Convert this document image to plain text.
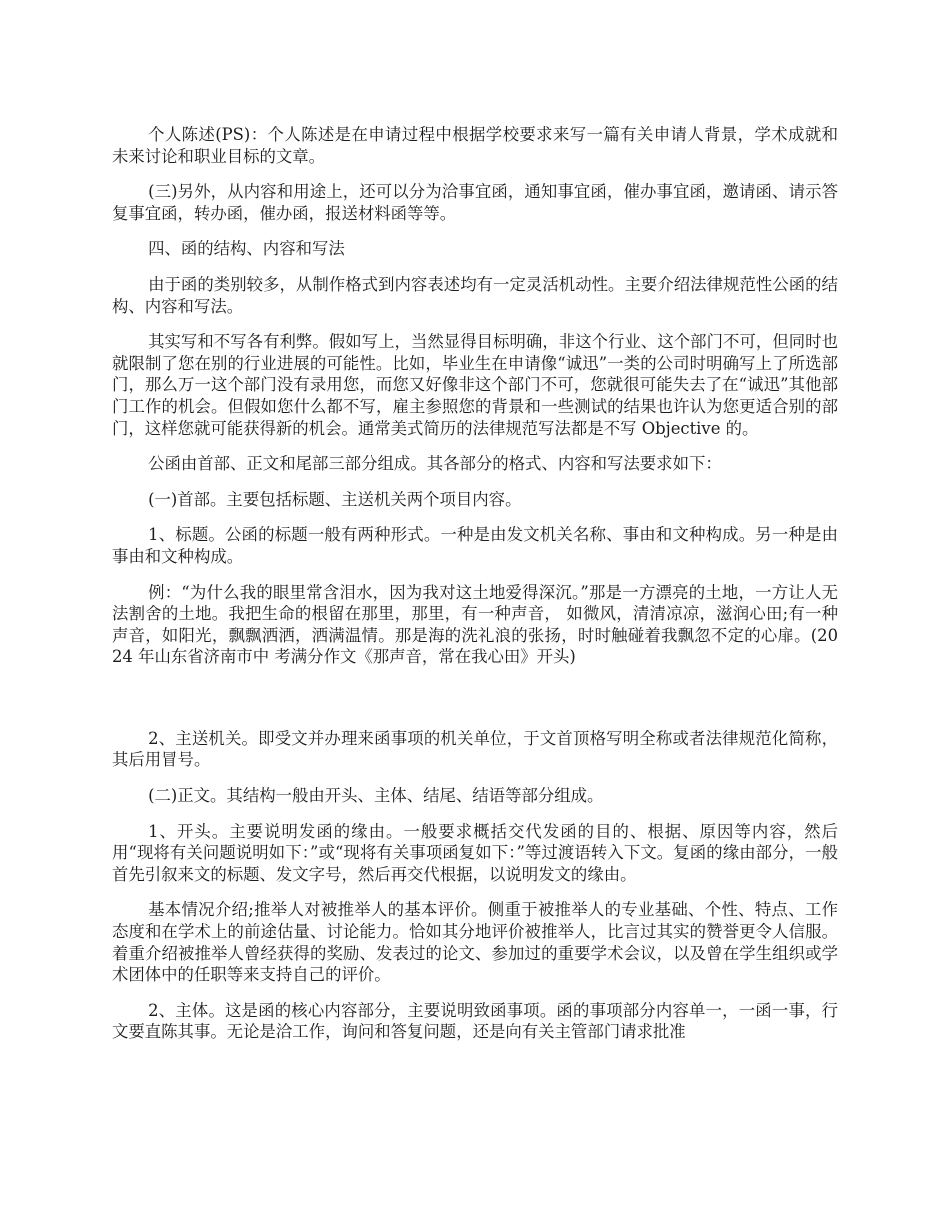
个人陈述(PS)：个人陈述是在申请过程中根据学校要求来写一篇有关申请人背景，学术成就和未来讨论和职业目标的文章。

(三)另外，从内容和用途上，还可以分为洽事宜函，通知事宜函，催办事宜函，邀请函、请示答复事宜函，转办函，催办函，报送材料函等等。

四、函的结构、内容和写法

由于函的类别较多，从制作格式到内容表述均有一定灵活机动性。主要介绍法律规范性公函的结构、内容和写法。

其实写和不写各有利弊。假如写上，当然显得目标明确，非这个行业、这个部门不可，但同时也就限制了您在别的行业进展的可能性。比如，毕业生在申请像“诚迅”一类的公司时明确写上了所选部门，那么万一这个部门没有录用您，而您又好像非这个部门不可，您就很可能失去了在“诚迅”其他部门工作的机会。但假如您什么都不写，雇主参照您的背景和一些测试的结果也许认为您更适合别的部门，这样您就可能获得新的机会。通常美式简历的法律规范写法都是不写 Objective 的。

公函由首部、正文和尾部三部分组成。其各部分的格式、内容和写法要求如下：

(一)首部。主要包括标题、主送机关两个项目内容。

1、标题。公函的标题一般有两种形式。一种是由发文机关名称、事由和文种构成。另一种是由事由和文种构成。

例：“为什么我的眼里常含泪水，因为我对这土地爱得深沉。”那是一方漂亮的土地，一方让人无法割舍的土地。我把生命的根留在那里，那里，有一种声音， 如微风，清清凉凉，滋润心田;有一种声音，如阳光，飘飘洒洒，洒满温情。那是海的洗礼浪的张扬，时时触碰着我飘忽不定的心扉。(2024 年山东省济南市中 考满分作文《那声音，常在我心田》开头)

2、主送机关。即受文并办理来函事项的机关单位，于文首顶格写明全称或者法律规范化简称，其后用冒号。

(二)正文。其结构一般由开头、主体、结尾、结语等部分组成。

1、开头。主要说明发函的缘由。一般要求概括交代发函的目的、根据、原因等内容，然后用“现将有关问题说明如下：”或“现将有关事项函复如下：”等过渡语转入下文。复函的缘由部分，一般首先引叙来文的标题、发文字号，然后再交代根据，以说明发文的缘由。

基本情况介绍;推举人对被推举人的基本评价。侧重于被推举人的专业基础、个性、特点、工作态度和在学术上的前途估量、讨论能力。恰如其分地评价被推举人，比言过其实的赞誉更令人信服。着重介绍被推举人曾经获得的奖励、发表过的论文、参加过的重要学术会议，以及曾在学生组织或学术团体中的任职等来支持自己的评价。

2、主体。这是函的核心内容部分，主要说明致函事项。函的事项部分内容单一，一函一事，行文要直陈其事。无论是洽工作，询问和答复问题，还是向有关主管部门请求批准
